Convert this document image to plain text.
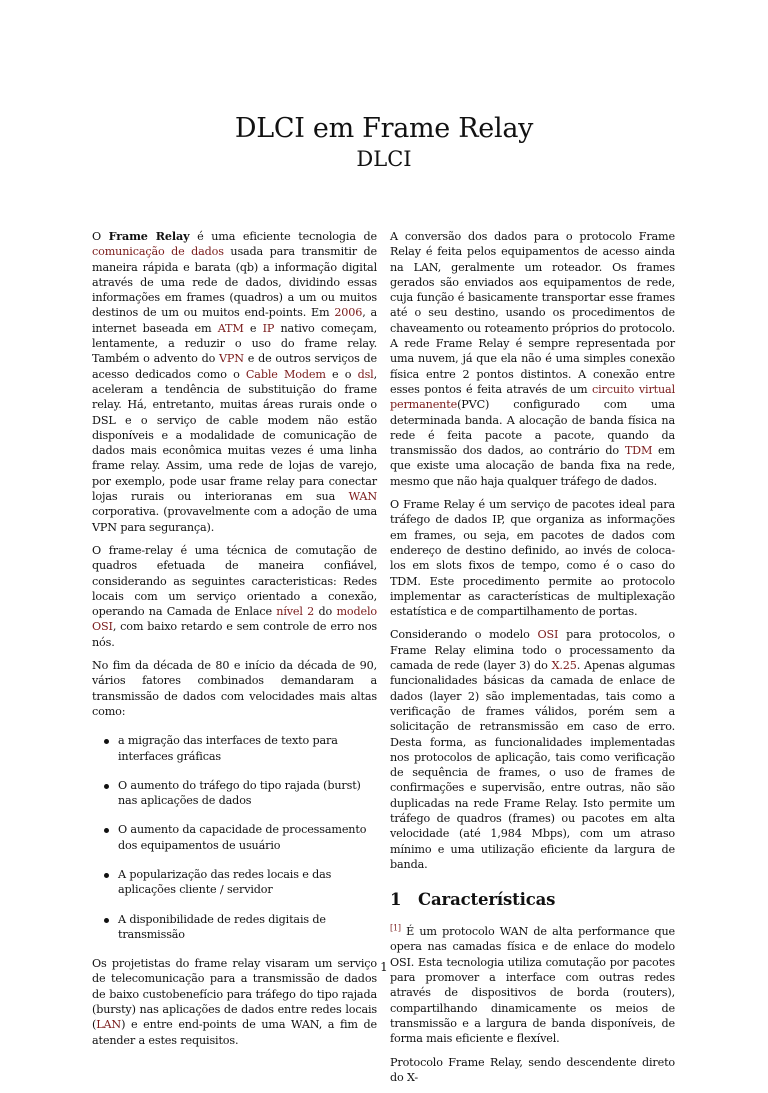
DLCI em Frame Relay
DLCI

O Frame Relay é uma eficiente tecnologia de comunicação de dados usada para transmitir de maneira rápida e barata (qb) a informação digital através de uma rede de dados, dividindo essas informações em frames (quadros) a um ou muitos destinos de um ou muitos end-points. Em 2006, a internet baseada em ATM e IP nativo começam, lentamente, a reduzir o uso do frame relay. Também o advento do VPN e de outros serviços de acesso dedicados como o Cable Modem e o dsl, aceleram a tendência de substituição do frame relay. Há, entretanto, muitas áreas rurais onde o DSL e o serviço de cable modem não estão disponíveis e a modalidade de comunicação de dados mais econômica muitas vezes é uma linha frame relay. Assim, uma rede de lojas de varejo, por exemplo, pode usar frame relay para conectar lojas rurais ou interioranas em sua WAN corporativa. (provavelmente com a adoção de uma VPN para segurança).

O frame-relay é uma técnica de comutação de quadros efetuada de maneira confiável, considerando as seguintes caracteristicas: Redes locais com um serviço orientado a conexão, operando na Camada de Enlace nível 2 do modelo OSI, com baixo retardo e sem controle de erro nos nós.

No fim da década de 80 e início da década de 90, vários fatores combinados demandaram a transmissão de dados com velocidades mais altas como:

a migração das interfaces de texto para interfaces gráficas
O aumento do tráfego do tipo rajada (burst) nas aplicações de dados
O aumento da capacidade de processamento dos equipamentos de usuário
A popularização das redes locais e das aplicações cliente / servidor
A disponibilidade de redes digitais de transmissão

Os projetistas do frame relay visaram um serviço de telecomunicação para a transmissão de dados de baixo custobenefício para tráfego do tipo rajada (bursty) nas aplicações de dados entre redes locais (LAN) e entre end-points de uma WAN, a fim de atender a estes requisitos.

A conversão dos dados para o protocolo Frame Relay é feita pelos equipamentos de acesso ainda na LAN, geralmente um roteador. Os frames gerados são enviados aos equipamentos de rede, cuja função é basicamente transportar esse frames até o seu destino, usando os procedimentos de chaveamento ou roteamento próprios do protocolo. A rede Frame Relay é sempre representada por uma nuvem, já que ela não é uma simples conexão física entre 2 pontos distintos. A conexão entre esses pontos é feita através de um circuito virtual permanente(PVC) configurado com uma determinada banda. A alocação de banda física na rede é feita pacote a pacote, quando da transmissão dos dados, ao contrário do TDM em que existe uma alocação de banda fixa na rede, mesmo que não haja qualquer tráfego de dados.

O Frame Relay é um serviço de pacotes ideal para tráfego de dados IP, que organiza as informações em frames, ou seja, em pacotes de dados com endereço de destino definido, ao invés de coloca-los em slots fixos de tempo, como é o caso do TDM. Este procedimento permite ao protocolo implementar as características de multiplexação estatística e de compartilhamento de portas.

Considerando o modelo OSI para protocolos, o Frame Relay elimina todo o processamento da camada de rede (layer 3) do X.25. Apenas algumas funcionalidades básicas da camada de enlace de dados (layer 2) são implementadas, tais como a verificação de frames válidos, porém sem a solicitação de retransmissão em caso de erro. Desta forma, as funcionalidades implementadas nos protocolos de aplicação, tais como verificação de sequência de frames, o uso de frames de confirmações e supervisão, entre outras, não são duplicadas na rede Frame Relay. Isto permite um tráfego de quadros (frames) ou pacotes em alta velocidade (até 1,984 Mbps), com um atraso mínimo e uma utilização eficiente da largura de banda.

1 Características

[1] É um protocolo WAN de alta performance que opera nas camadas física e de enlace do modelo OSI. Esta tecnologia utiliza comutação por pacotes para promover a interface com outras redes através de dispositivos de borda (routers), compartilhando dinamicamente os meios de transmissão e a largura de banda disponíveis, de forma mais eficiente e flexível.

Protocolo Frame Relay, sendo descendente direto do X-

1
